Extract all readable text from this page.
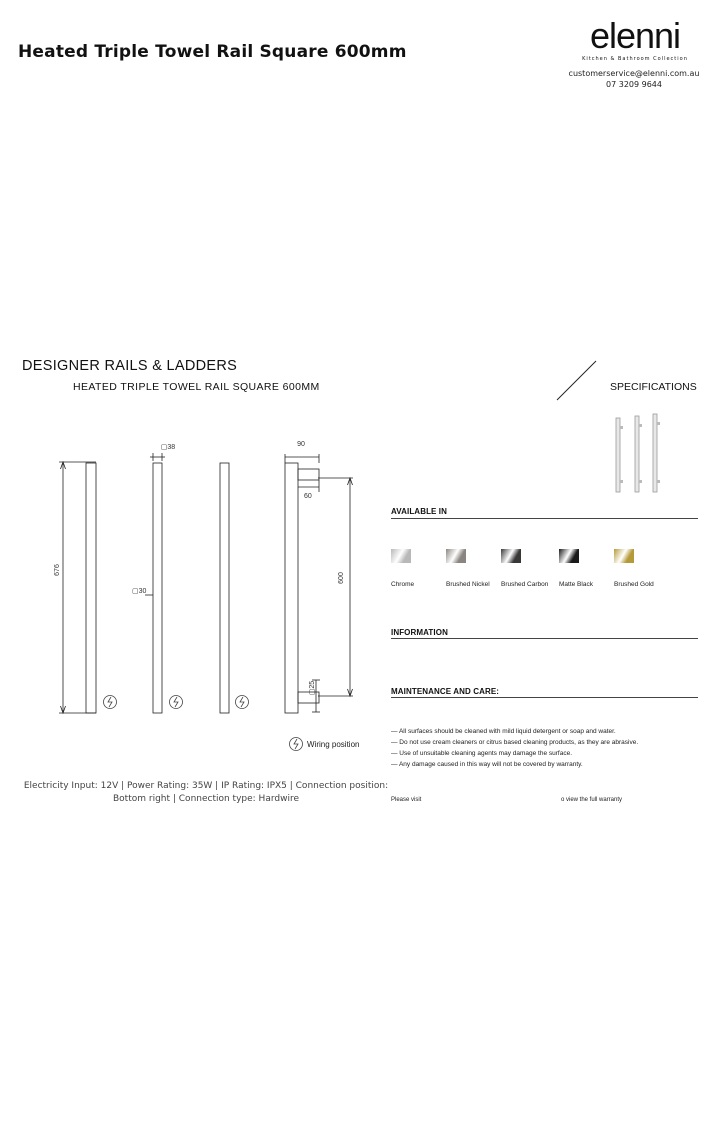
Heated Triple Towel Rail Square 600mm	elenni
Kitchen & Bathroom Collection
customerservice@elenni.com.au
07 3209 9644
DESIGNER RAILS & LADDERS
HEATED TRIPLE TOWEL RAIL SQUARE 600MM	SPECIFICATIONS
676
▢38
▢30
90
60
600
▢25
Wiring position
AVAILABLE IN
Chrome	Brushed Nickel Brushed Carbon Matte Black	Brushed Gold
INFORMATION
MAINTENANCE AND CARE:
— All surfaces should be cleaned with mild liquid detergent or soap and water.
— Do not use cream cleaners or citrus based cleaning products, as they are abrasive.
— Use of unsuitable cleaning agents may damage the surface.
— Any damage caused in this way will not be covered by warranty.
Please visit	o view the full warranty
Electricity Input: 12V | Power Rating: 35W | IP Rating: IPX5 | Connection position: Bottom right | Connection type: Hardwire
